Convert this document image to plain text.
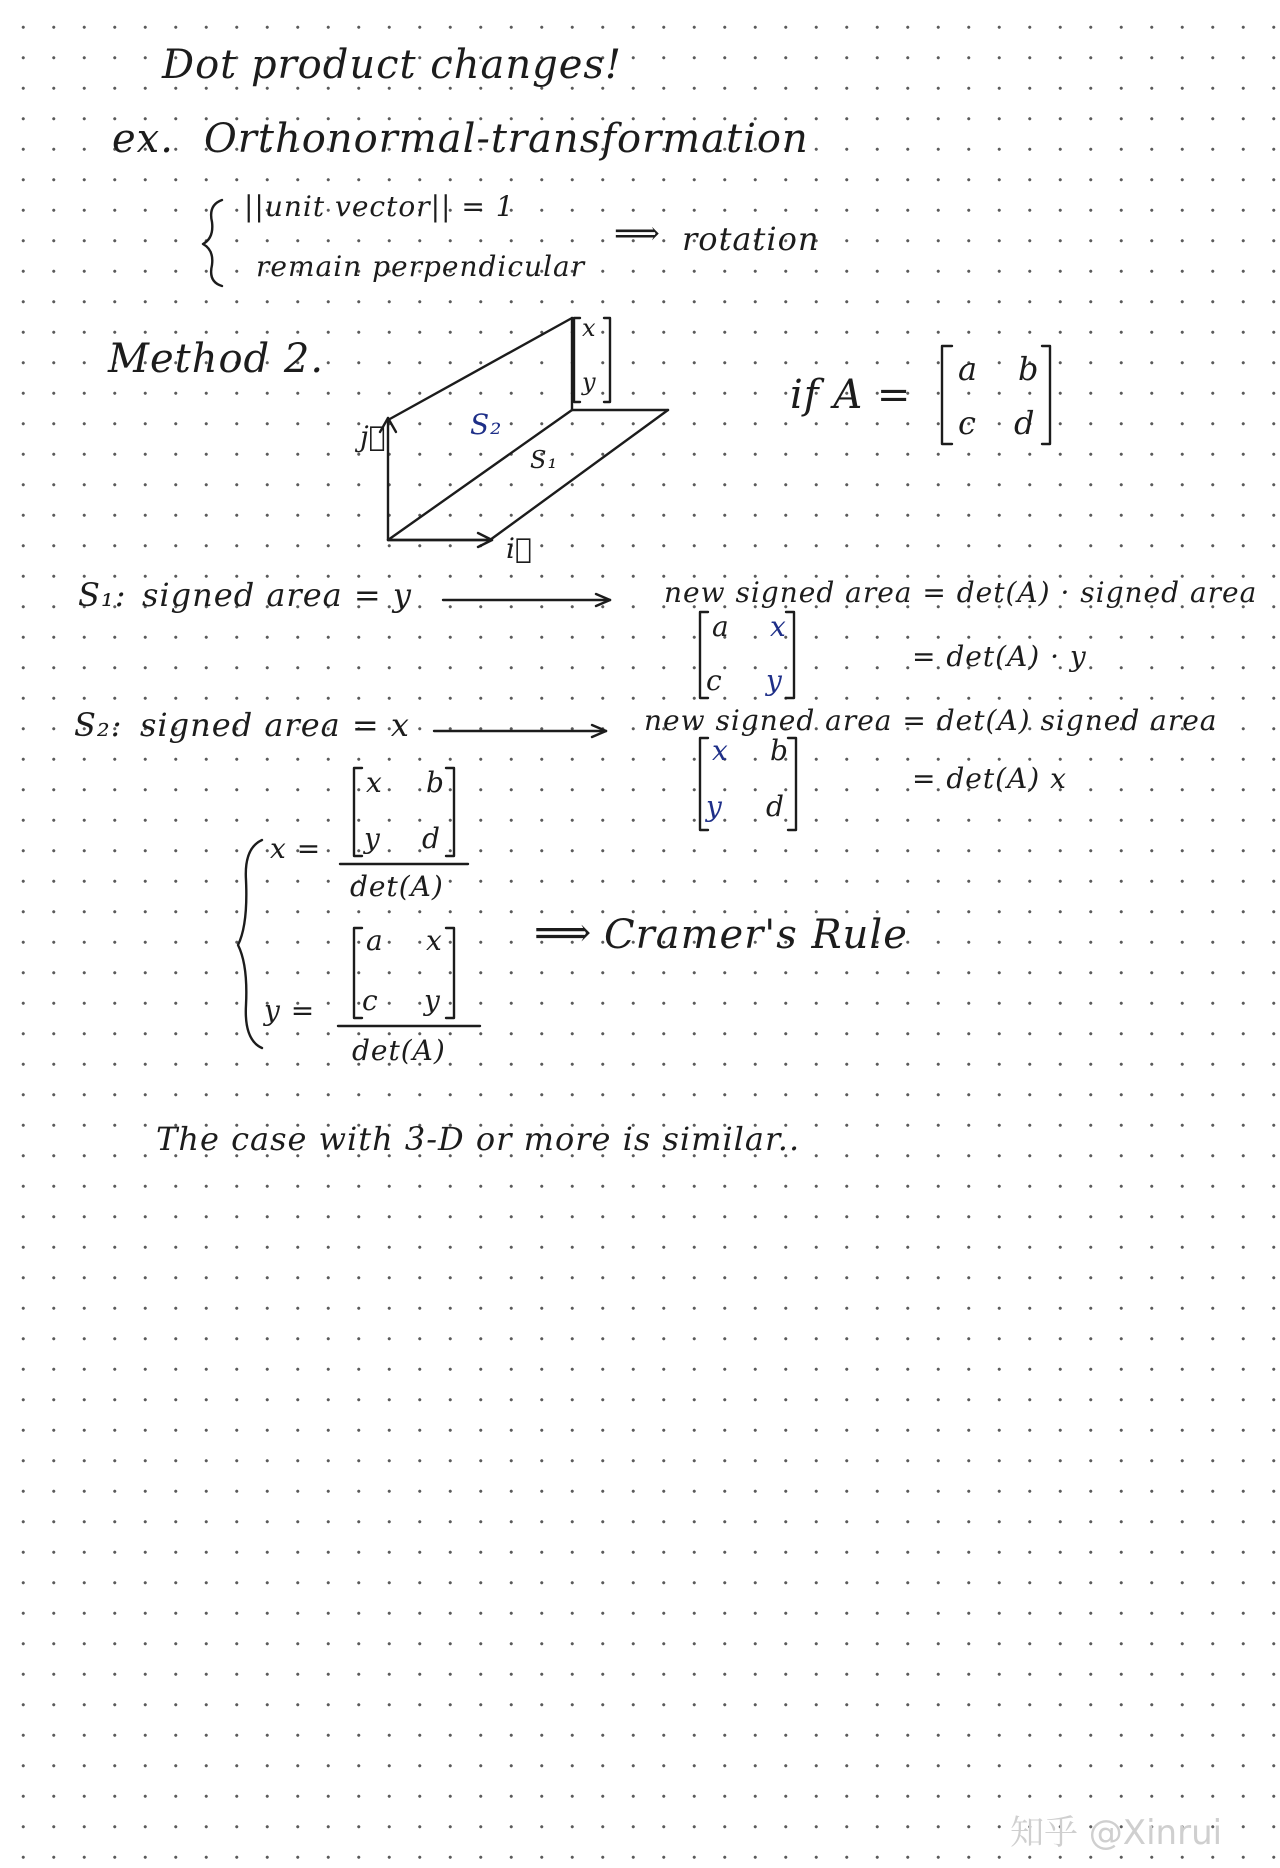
Dot product changes!
ex. Orthonormal-transformation
||unit vector|| = 1
remain perpendicular
⟹ rotation
Method 2.
x
y
j⃗
i⃗
S₂
S₁
if A =
a b
c d
S₁: signed area = y	new signed area = det(A) · signed area
a x
c y
= det(A) · y
S₂: signed area = x	new signed area = det(A) signed area
x b
y d
= det(A) x
x =
x b
y d
det(A)
y =
a x
c y
det(A)
⟹ Cramer's Rule
The case with 3-D or more is similar..
知乎 @Xinrui
